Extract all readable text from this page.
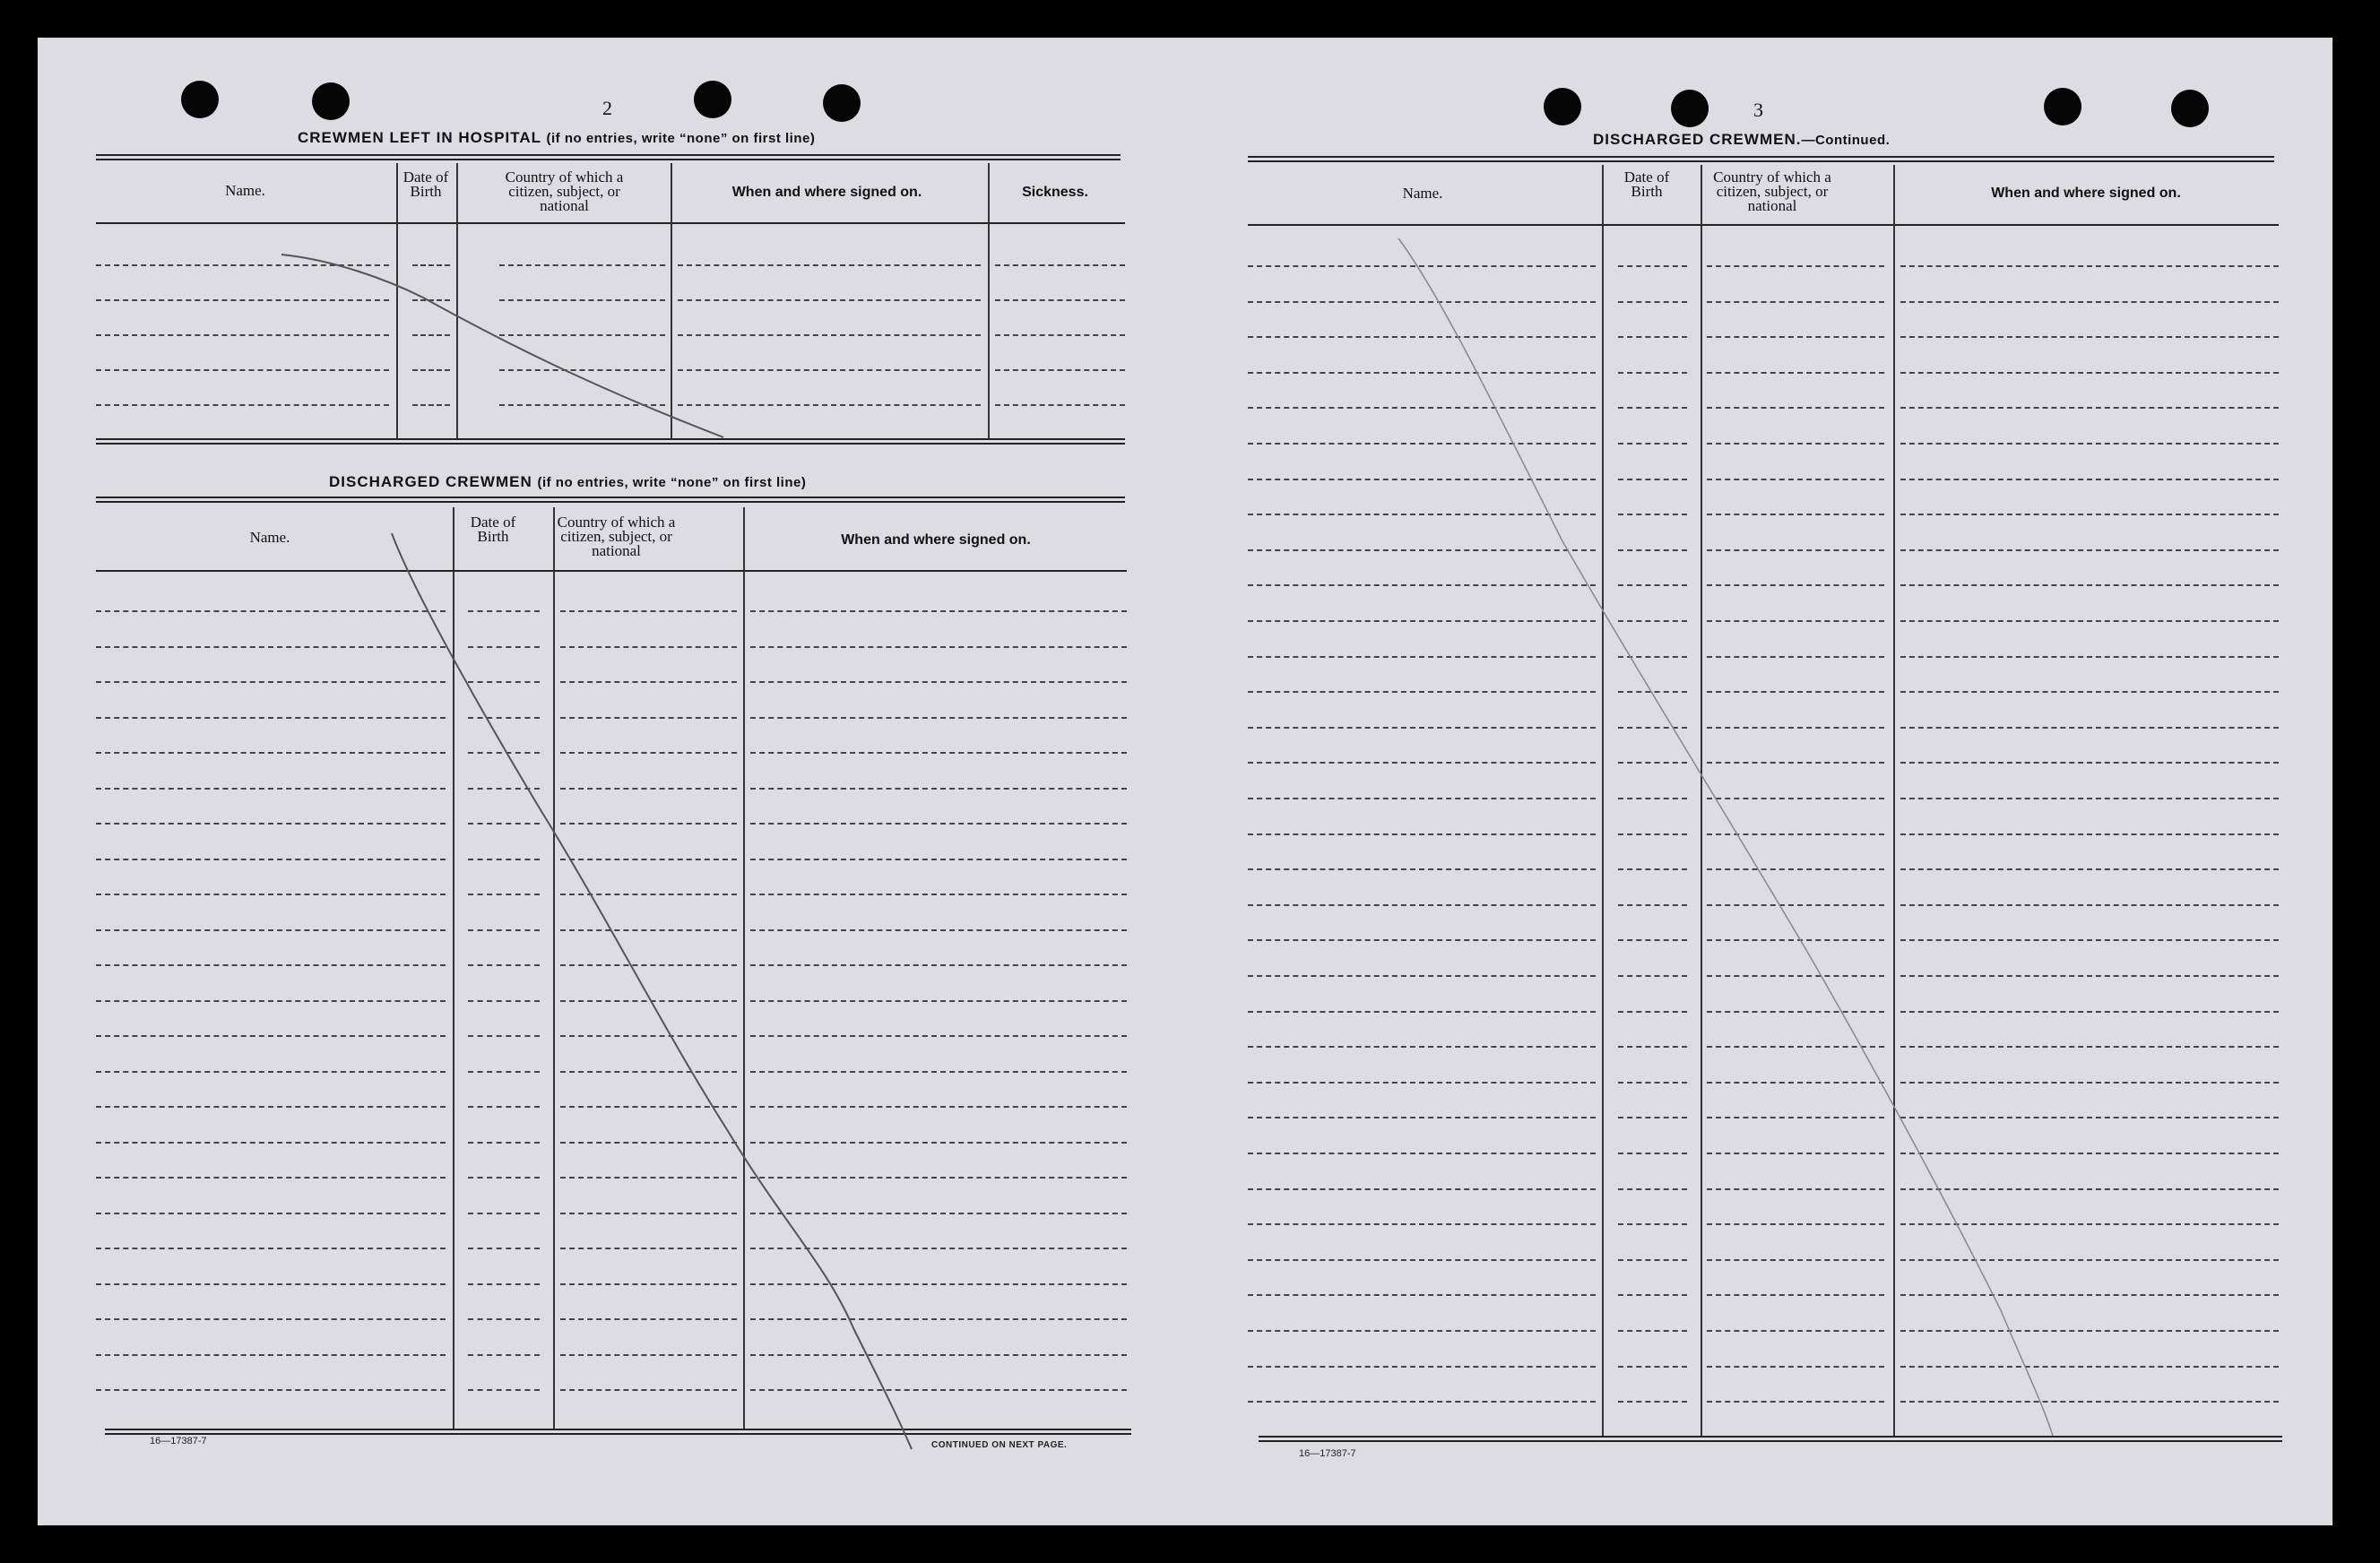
2
CREWMEN LEFT IN HOSPITAL (if no entries, write “none” on first line)
Name.
Date of Birth
Country of which a citizen, subject, or national
When and where signed on.	Sickness.
DISCHARGED CREWMEN (if no entries, write “none” on first line)
Name.
Date of Birth
Country of which a citizen, subject, or national
When and where signed on.
16—17387-7	CONTINUED ON NEXT PAGE.
3
DISCHARGED CREWMEN.—Continued.
Name.
Date of Birth
Country of which a citizen, subject, or national
When and where signed on.
16—17387-7
